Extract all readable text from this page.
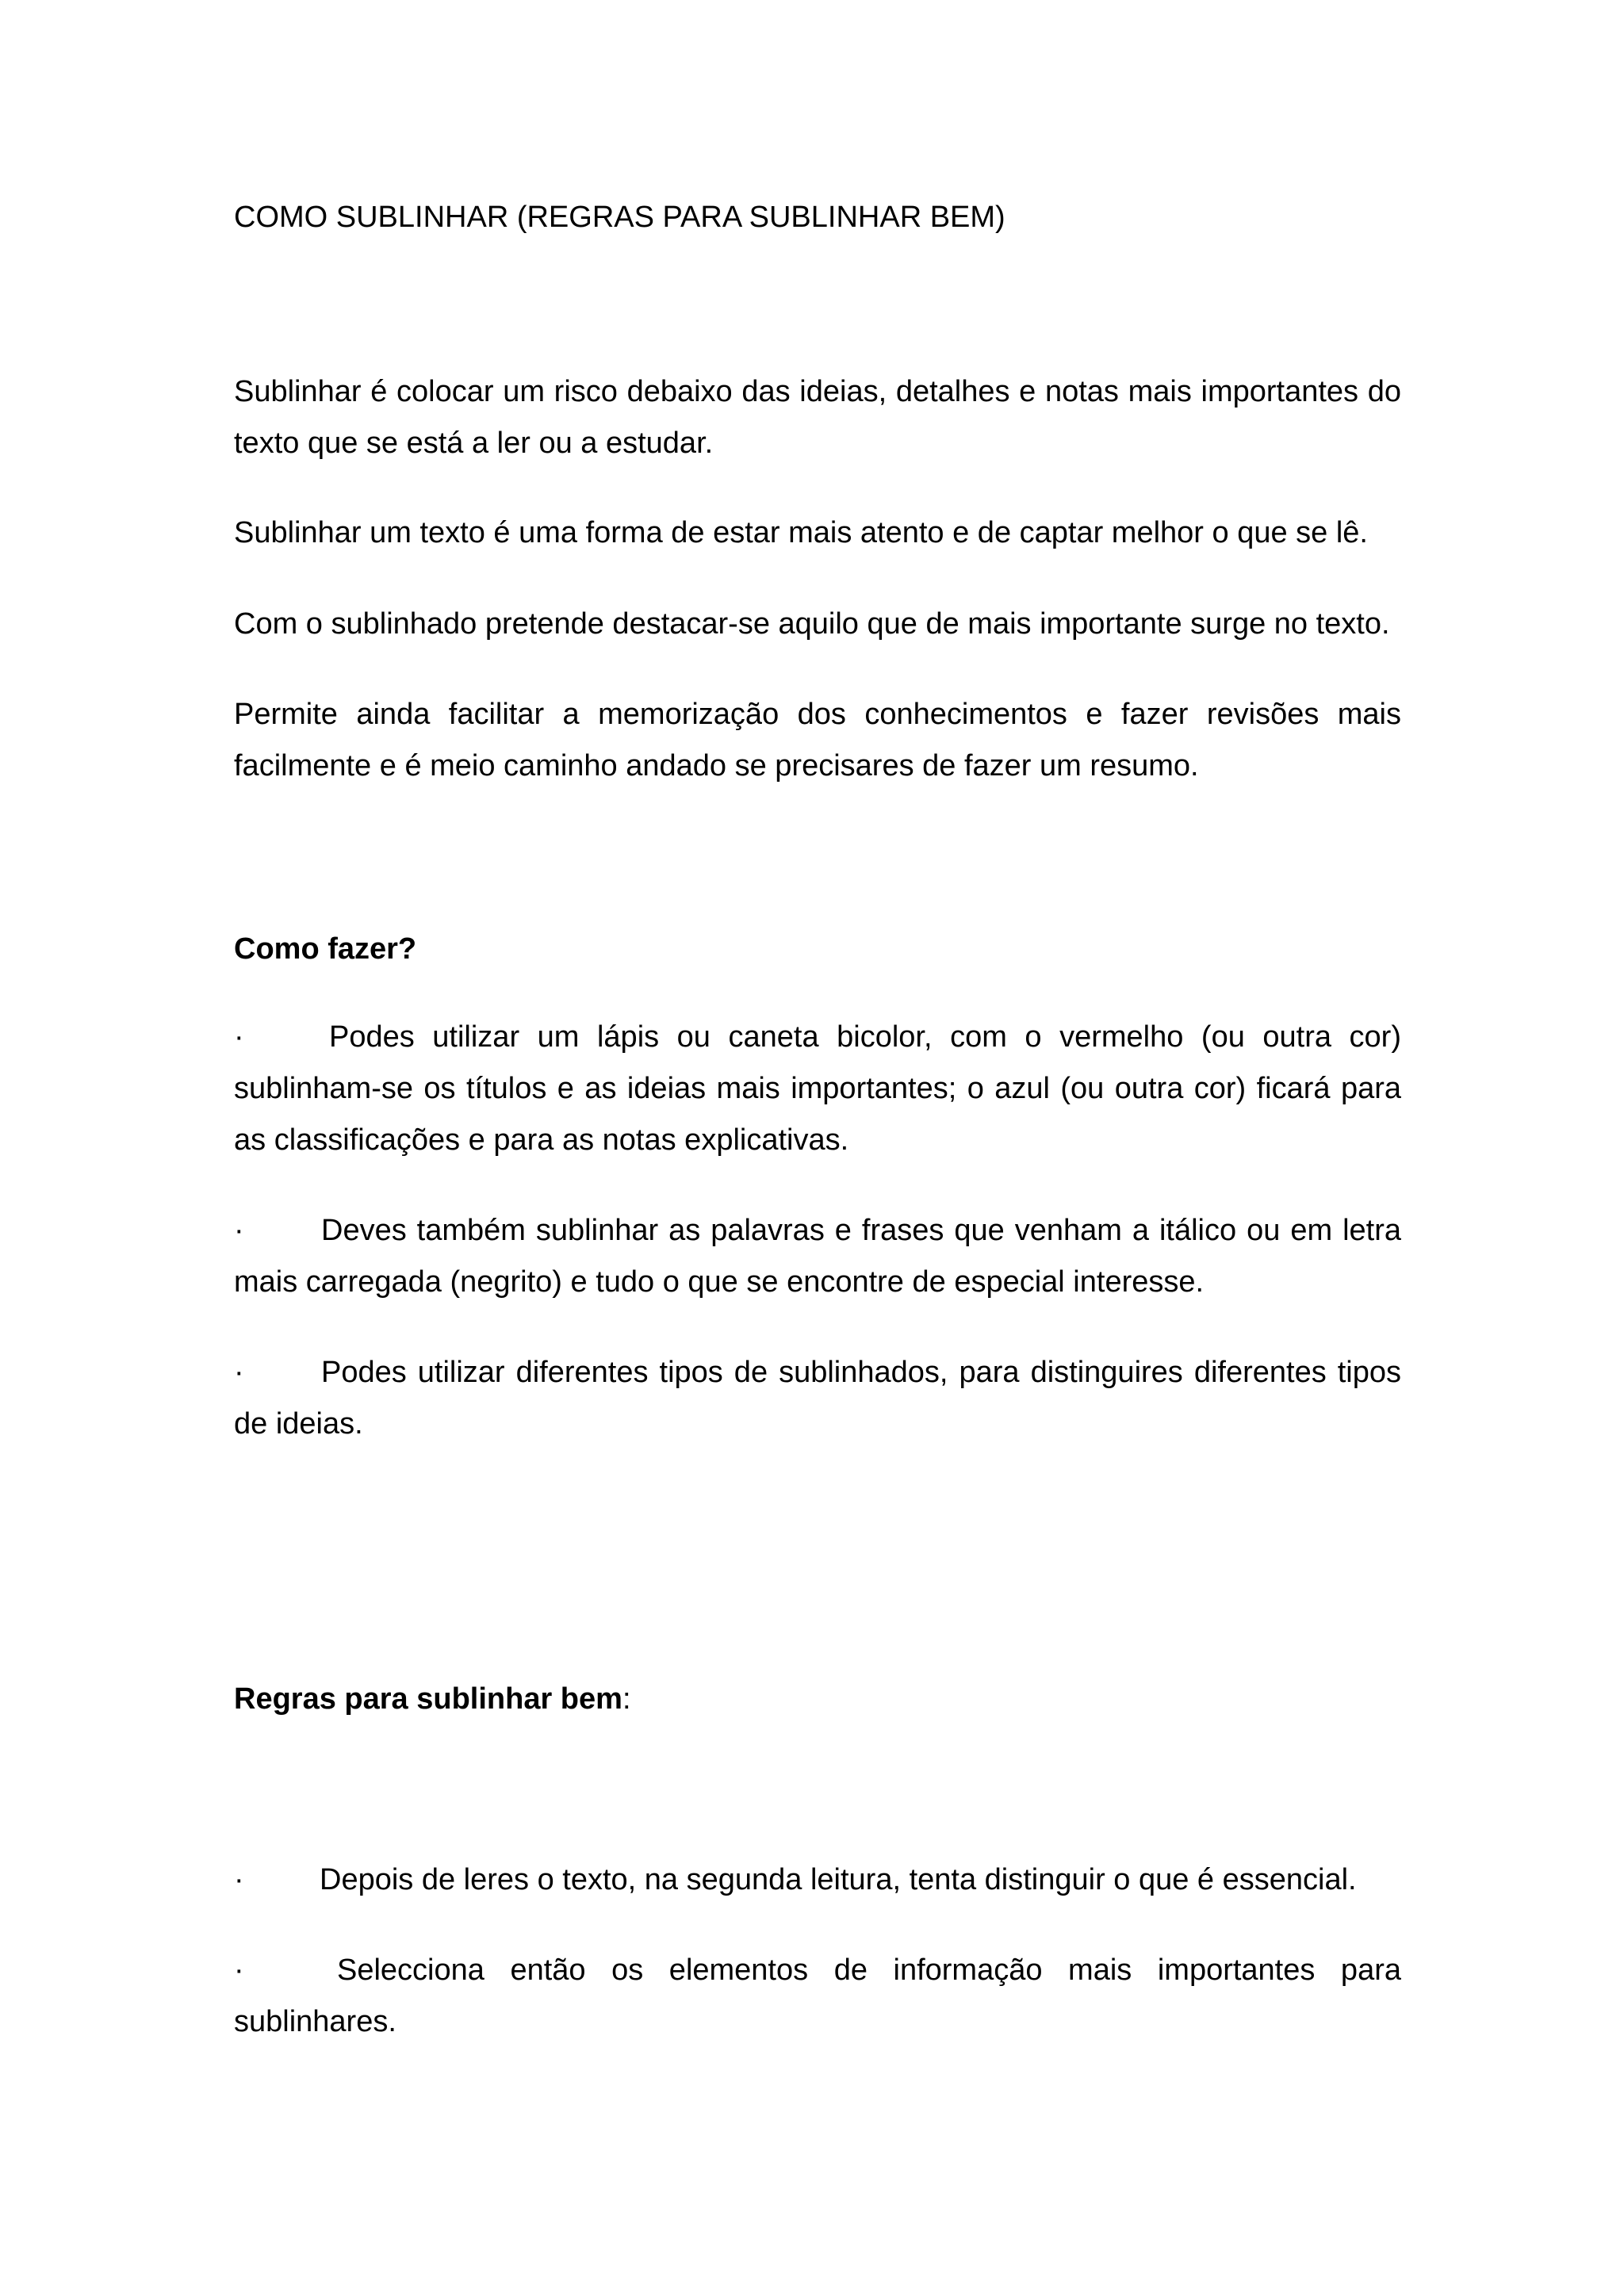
COMO SUBLINHAR (REGRAS PARA SUBLINHAR BEM)

Sublinhar é colocar um risco debaixo das ideias, detalhes e notas mais importantes do texto que se está a ler ou a estudar.

Sublinhar um texto é uma forma de estar mais atento e de captar melhor o que se lê.

Com o sublinhado pretende destacar-se aquilo que de mais importante surge no texto.

Permite ainda facilitar a memorização dos conhecimentos e fazer revisões mais facilmente e é meio caminho andado se precisares de fazer um resumo.

Como fazer?

·	Podes utilizar um lápis ou caneta bicolor, com o vermelho (ou outra cor) sublinham-se os títulos e as ideias mais importantes; o azul (ou outra cor) ficará para as classificações e para as notas explicativas.

·	Deves também sublinhar as palavras e frases que venham a itálico ou em letra mais carregada (negrito) e tudo o que se encontre de especial interesse.

·	Podes utilizar diferentes tipos de sublinhados, para distinguires diferentes tipos de ideias.

Regras para sublinhar bem:

·	Depois de leres o texto, na segunda leitura, tenta distinguir o que é essencial.

·	Selecciona então os elementos de informação mais importantes para sublinhares.
